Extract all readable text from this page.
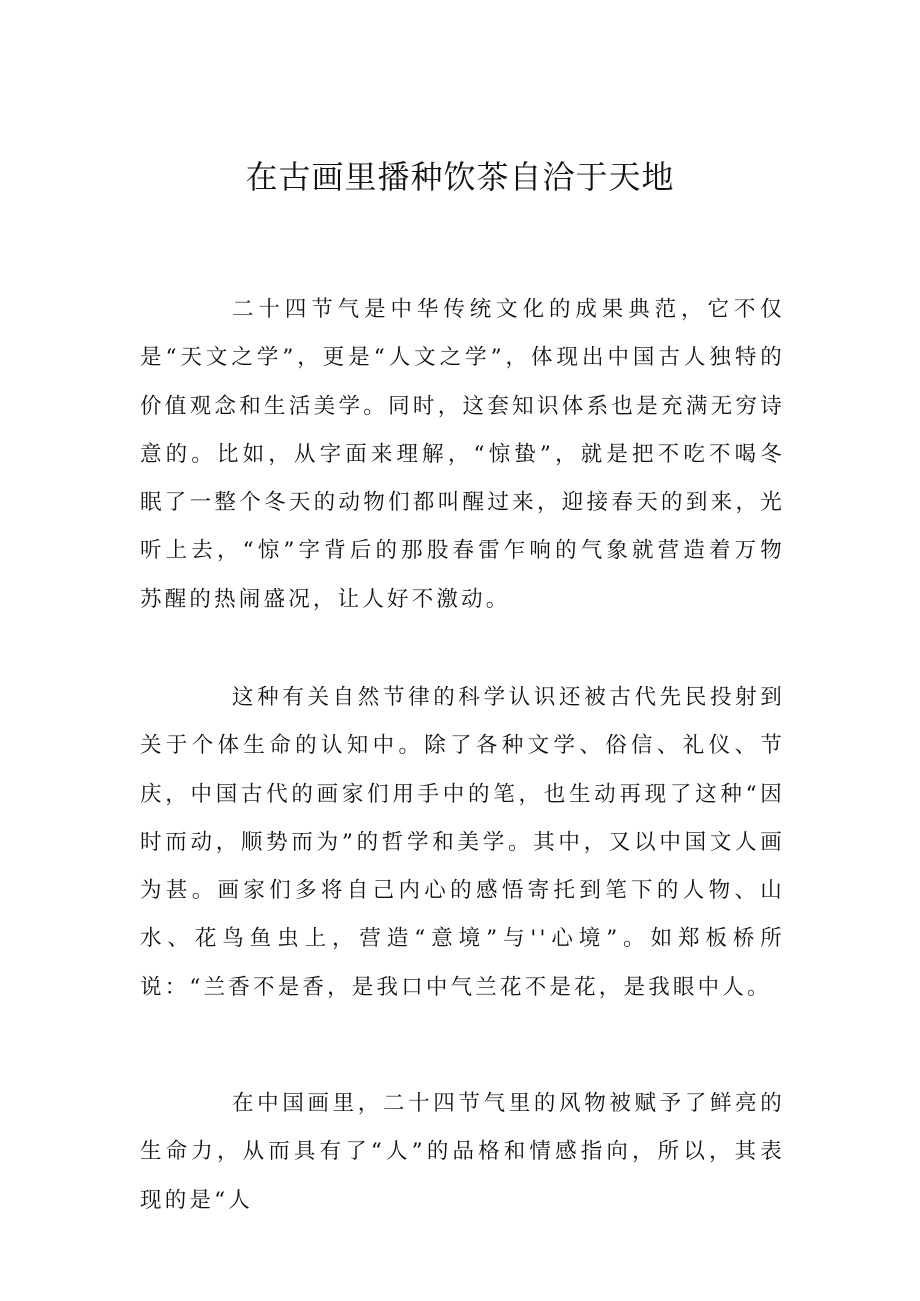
在古画里播种饮茶自洽于天地

二十四节气是中华传统文化的成果典范，它不仅是“天文之学”，更是“人文之学”，体现出中国古人独特的价值观念和生活美学。同时，这套知识体系也是充满无穷诗意的。比如，从字面来理解，“惊蛰”，就是把不吃不喝冬眠了一整个冬天的动物们都叫醒过来，迎接春天的到来，光听上去，“惊”字背后的那股春雷乍响的气象就营造着万物苏醒的热闹盛况，让人好不激动。

这种有关自然节律的科学认识还被古代先民投射到关于个体生命的认知中。除了各种文学、俗信、礼仪、节庆，中国古代的画家们用手中的笔，也生动再现了这种“因时而动，顺势而为”的哲学和美学。其中，又以中国文人画为甚。画家们多将自己内心的感悟寄托到笔下的人物、山水、花鸟鱼虫上，营造“意境”与''心境”。如郑板桥所说：“兰香不是香，是我口中气兰花不是花，是我眼中人。

在中国画里，二十四节气里的风物被赋予了鲜亮的生命力，从而具有了“人”的品格和情感指向，所以，其表现的是“人
